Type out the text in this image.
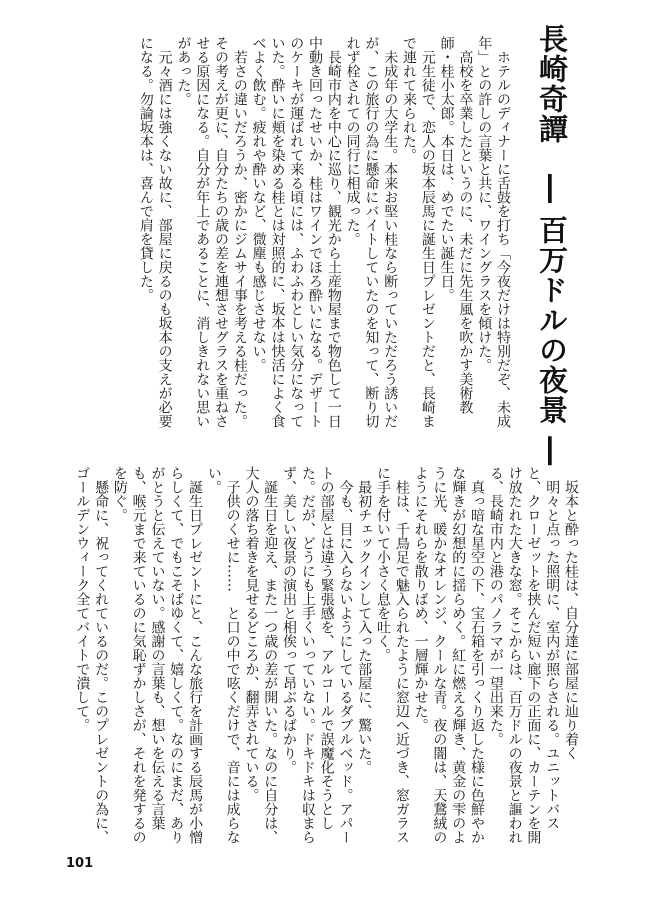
長崎奇譚　― 百万ドルの夜景 ―

　ホテルのディナーに舌鼓を打ち「今夜だけは特別だぞ、未成年」との許しの言葉と共に、ワイングラスを傾けた。

　高校を卒業したというのに、未だに先生風を吹かす美術教師・桂小太郎。本日は、めでたい誕生日。

　元生徒で、恋人の坂本辰馬に誕生日プレゼントだと、長崎まで連れて来られた。

　未成年の大学生。本来お堅い桂なら断っていただろう誘いだが、この旅行の為に懸命にバイトしていたのを知って、断り切れず栓されての同行に相成った。

　長崎市内を中心に巡り、観光から土産物屋まで物色して一日中動き回ったせいか、桂はワインでほろ酔いになる。デザートのケーキが運ばれて来る頃には、ふわふわとしい気分になっていた。酔いに頬を染める桂とは対照的に、坂本は快活によく食べよく飲む。疲れや酔いなど、微塵も感じさせない。

　若さの違いだろうか、密かにジムサイ事を考える桂だった。その考えが更に、自分たちの歳の差を連想させグラスを重ねさせる原因になる。自分が年上であることに、消しきれない思いがあった。

　元々酒には強くない故に、部屋に戻るのも坂本の支えが必要になる。勿論坂本は、喜んで肩を貸した。

　坂本と酔った桂は、自分達に部屋に辿り着く

　明々と点った照明に、室内が照らされる。ユニットバスと、クローゼットを挟んだ短い廊下の正面に、カーテンを開け放たれた大きな窓。そこからは、百万ドルの夜景と謳われる、長崎市内と港のパノラマが一望出来た。

　真っ暗な星空の下、宝石箱を引っくり返した様に色鮮やかな輝きが幻想的に揺らめく。紅に燃える輝き、黄金の雫のように光、暖かなオレンジ、クールな青。夜の闇は、天鵞絨のようにそれらを散りばめ、一層輝かせた。

　桂は、千鳥足で魅入られたように窓辺へ近づき、窓ガラスに手を付いて小さく息を吐く。

　最初チェックインして入った部屋に、驚いた。

　今も、目に入らないようにしているダブルベッド。アパートの部屋とは違う緊張感を、アルコールで誤魔化そうとした。だが、どうにも上手くいっていない。ドキドキは収まらず、美しい夜景の演出と相俟って昂ぶるばかり。

　誕生日を迎え、また一つ歳の差が開いた。なのに自分は、大人の落ち着きを見せるどころか、翻弄されている。

　子供のくせに……　と口の中で呟くだけで、音には成らない。

　誕生日プレゼントにと、こんな旅行を計画する辰馬が小憎らしくて、でもこそばゆくて、嬉しくて。なのにまだ、ありがとうと伝えていない。感謝の言葉も、想いを伝える言葉も、喉元まで来ているのに気恥ずかしさが、それを発するのを防ぐ。

　懸命に、祝ってくれているのだ。このプレゼントの為に、ゴールデンウィーク全てバイトで潰して。

101
